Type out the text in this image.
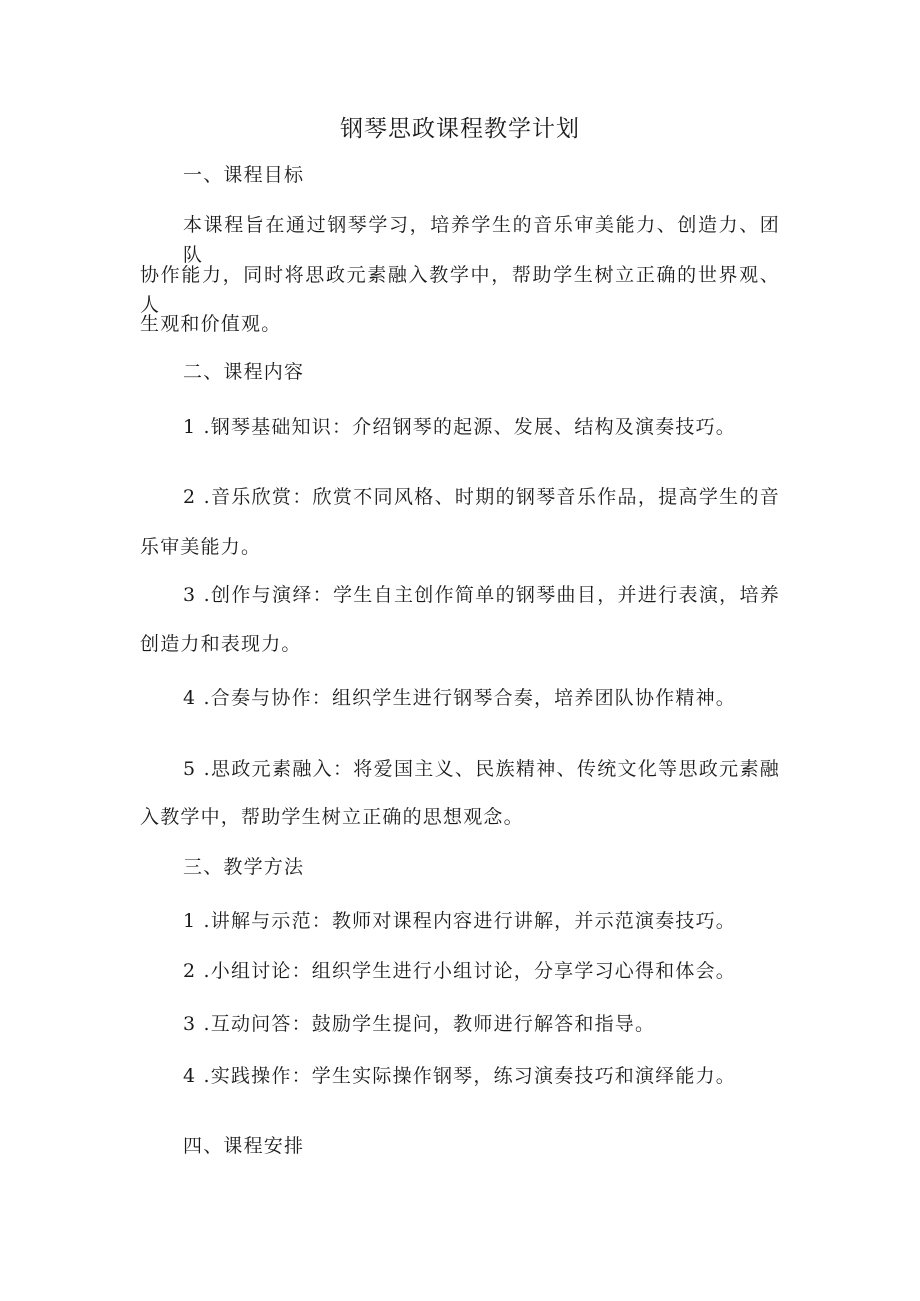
钢琴思政课程教学计划
一、课程目标
本课程旨在通过钢琴学习，培养学生的音乐审美能力、创造力、团队
协作能力，同时将思政元素融入教学中，帮助学生树立正确的世界观、人
生观和价值观。
二、课程内容
1 .钢琴基础知识：介绍钢琴的起源、发展、结构及演奏技巧。
2 .音乐欣赏：欣赏不同风格、时期的钢琴音乐作品，提高学生的音
乐审美能力。
3 .创作与演绎：学生自主创作简单的钢琴曲目，并进行表演，培养
创造力和表现力。
4 .合奏与协作：组织学生进行钢琴合奏，培养团队协作精神。
5 .思政元素融入：将爱国主义、民族精神、传统文化等思政元素融
入教学中，帮助学生树立正确的思想观念。
三、教学方法
1 .讲解与示范：教师对课程内容进行讲解，并示范演奏技巧。
2 .小组讨论：组织学生进行小组讨论，分享学习心得和体会。
3 .互动问答：鼓励学生提问，教师进行解答和指导。
4 .实践操作：学生实际操作钢琴，练习演奏技巧和演绎能力。
四、课程安排
